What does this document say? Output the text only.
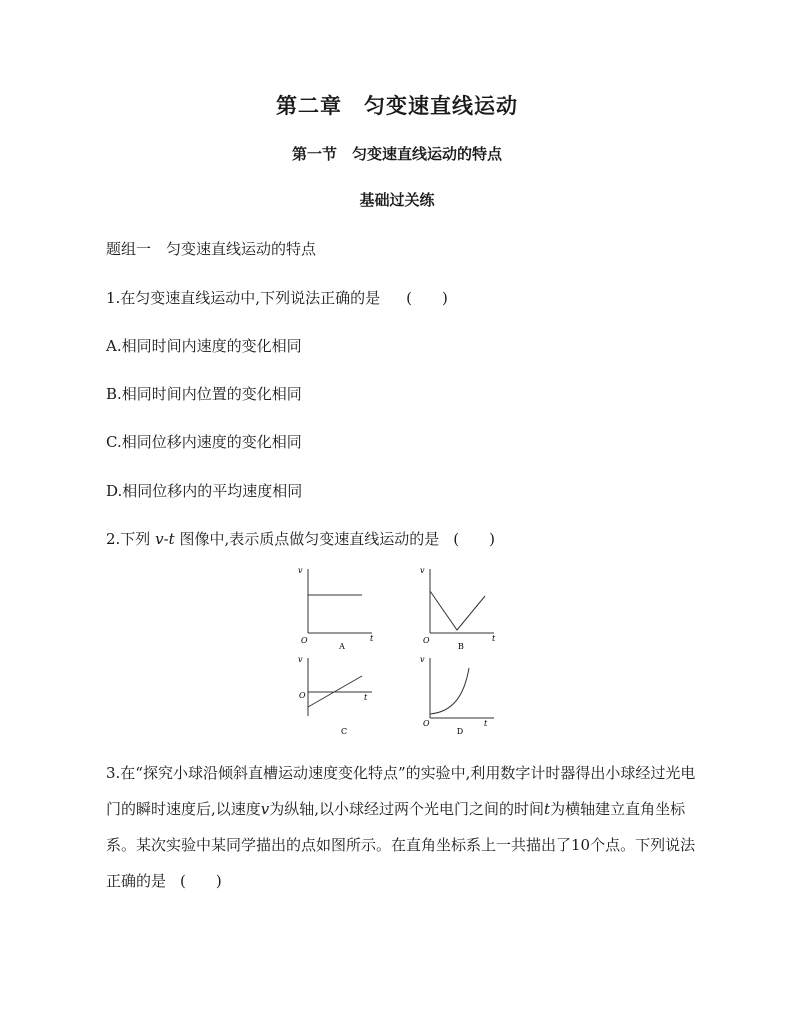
第二章　匀变速直线运动
第一节　匀变速直线运动的特点
基础过关练
题组一　匀变速直线运动的特点
1.在匀变速直线运动中,下列说法正确的是 (　　)
A.相同时间内速度的变化相同
B.相同时间内位置的变化相同
C.相同位移内速度的变化相同
D.相同位移内的平均速度相同
2.下列 v-t 图像中,表示质点做匀变速直线运动的是 (　　)
v
t
O
A
v
t
O
B
v
t
O
C
v
t
O
D
3.在“探究小球沿倾斜直槽运动速度变化特点”的实验中,利用数字计时器得出小球经过光电门的瞬时速度后,以速度v为纵轴,以小球经过两个光电门之间的时间t为横轴建立直角坐标系。某次实验中某同学描出的点如图所示。在直角坐标系上一共描出了10个点。下列说法正确的是 (　　)
